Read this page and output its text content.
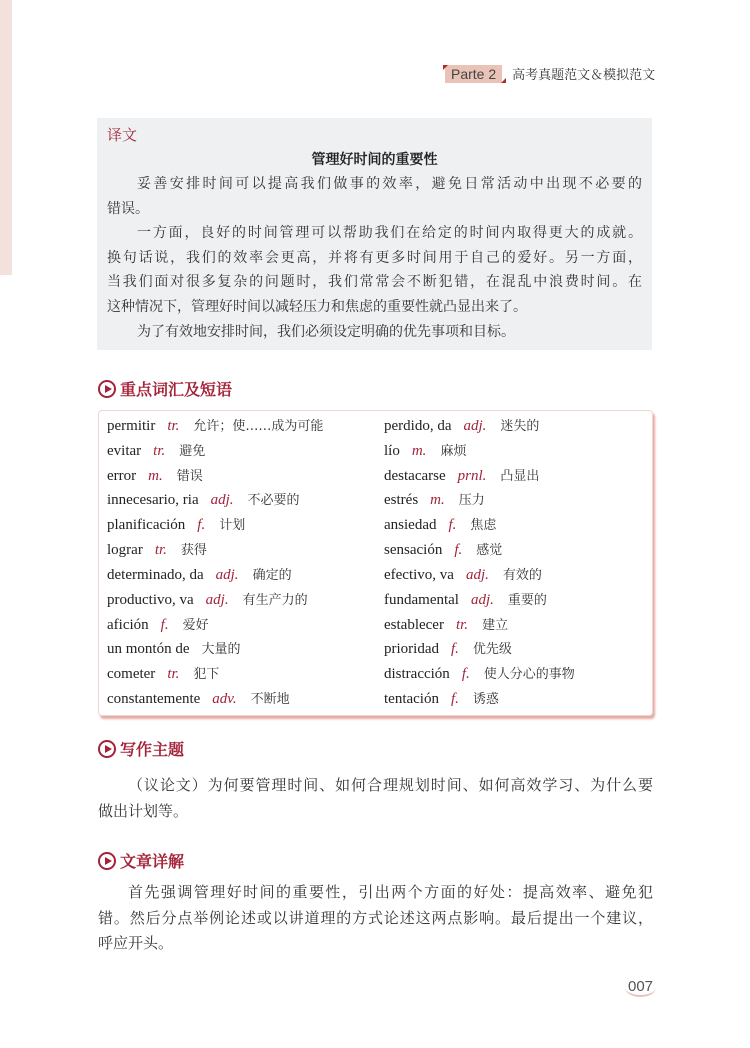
Parte 2	高考真题范文＆模拟范文
译文
管理好时间的重要性
妥善安排时间可以提高我们做事的效率，避免日常活动中出现不必要的
错误。
一方面，良好的时间管理可以帮助我们在给定的时间内取得更大的成就。
换句话说，我们的效率会更高，并将有更多时间用于自己的爱好。另一方面，
当我们面对很多复杂的问题时，我们常常会不断犯错，在混乱中浪费时间。在
这种情况下，管理好时间以减轻压力和焦虑的重要性就凸显出来了。
为了有效地安排时间，我们必须设定明确的优先事项和目标。
重点词汇及短语
permitir tr. 允许；使……成为可能	perdido, da adj. 迷失的
evitar tr. 避免	lío m. 麻烦
error m. 错误	destacarse prnl. 凸显出
innecesario, ria adj. 不必要的	estrés m. 压力
planificación f. 计划	ansiedad f. 焦虑
lograr tr. 获得	sensación f. 感觉
determinado, da adj. 确定的	efectivo, va adj. 有效的
productivo, va adj. 有生产力的	fundamental adj. 重要的
afición f. 爱好	establecer tr. 建立
un montón de 大量的	prioridad f. 优先级
cometer tr. 犯下	distracción f. 使人分心的事物
constantemente adv. 不断地	tentación f. 诱惑
写作主题
（议论文）为何要管理时间、如何合理规划时间、如何高效学习、为什么要
做出计划等。
文章详解
首先强调管理好时间的重要性，引出两个方面的好处：提高效率、避免犯
错。然后分点举例论述或以讲道理的方式论述这两点影响。最后提出一个建议，
呼应开头。
007
